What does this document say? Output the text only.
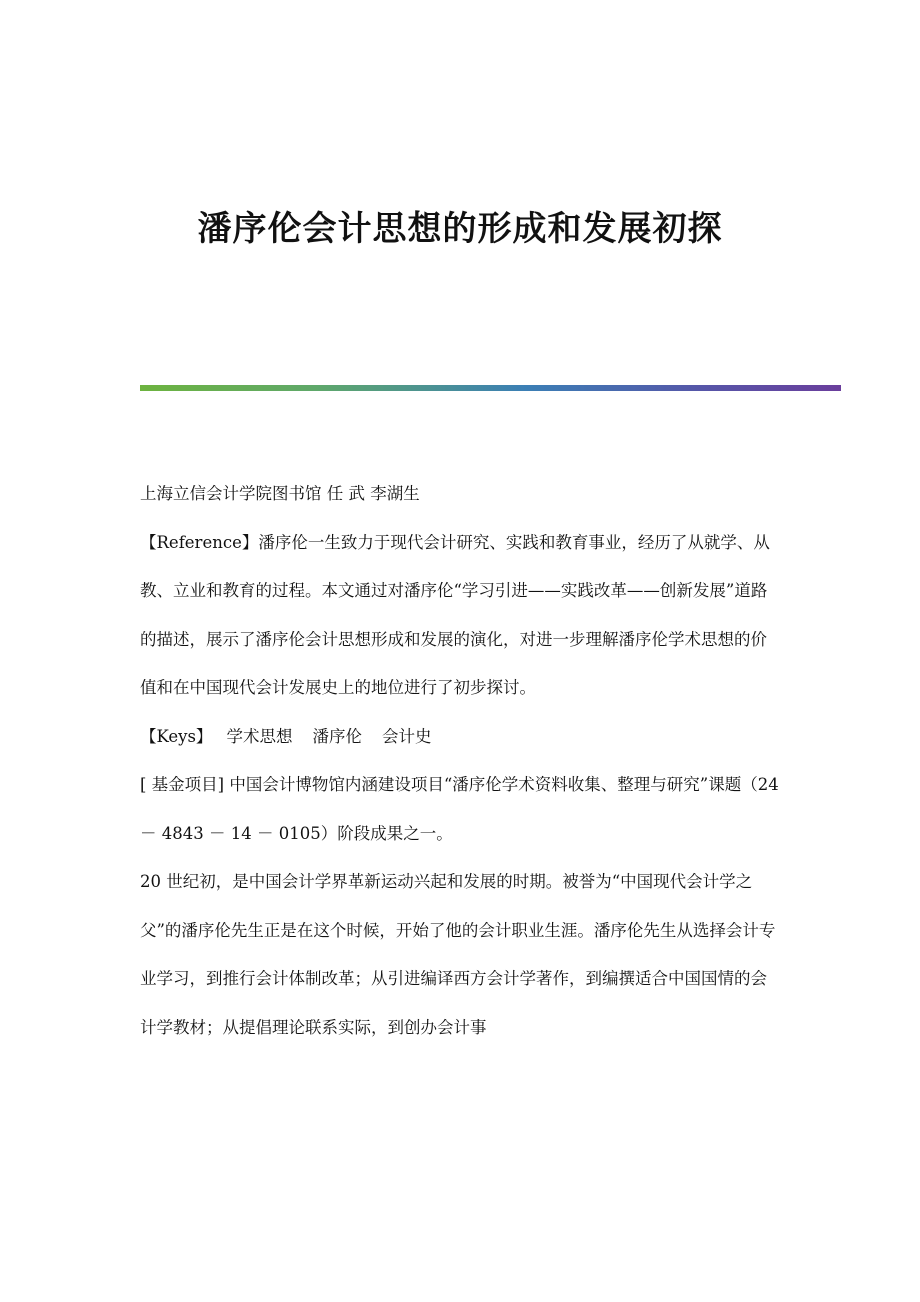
潘序伦会计思想的形成和发展初探

上海立信会计学院图书馆 任 武 李湖生

【Reference】潘序伦一生致力于现代会计研究、实践和教育事业，经历了从就学、从教、立业和教育的过程。本文通过对潘序伦“学习引进——实践改革——创新发展”道路的描述，展示了潘序伦会计思想形成和发展的演化，对进一步理解潘序伦学术思想的价值和在中国现代会计发展史上的地位进行了初步探讨。

【Keys】 学术思想 潘序伦 会计史

[ 基金项目] 中国会计博物馆内涵建设项目“潘序伦学术资料收集、整理与研究”课题（24 － 4843 － 14 － 0105）阶段成果之一。

20 世纪初，是中国会计学界革新运动兴起和发展的时期。被誉为“中国现代会计学之父”的潘序伦先生正是在这个时候，开始了他的会计职业生涯。潘序伦先生从选择会计专业学习，到推行会计体制改革；从引进编译西方会计学著作，到编撰适合中国国情的会计学教材；从提倡理论联系实际，到创办会计事
